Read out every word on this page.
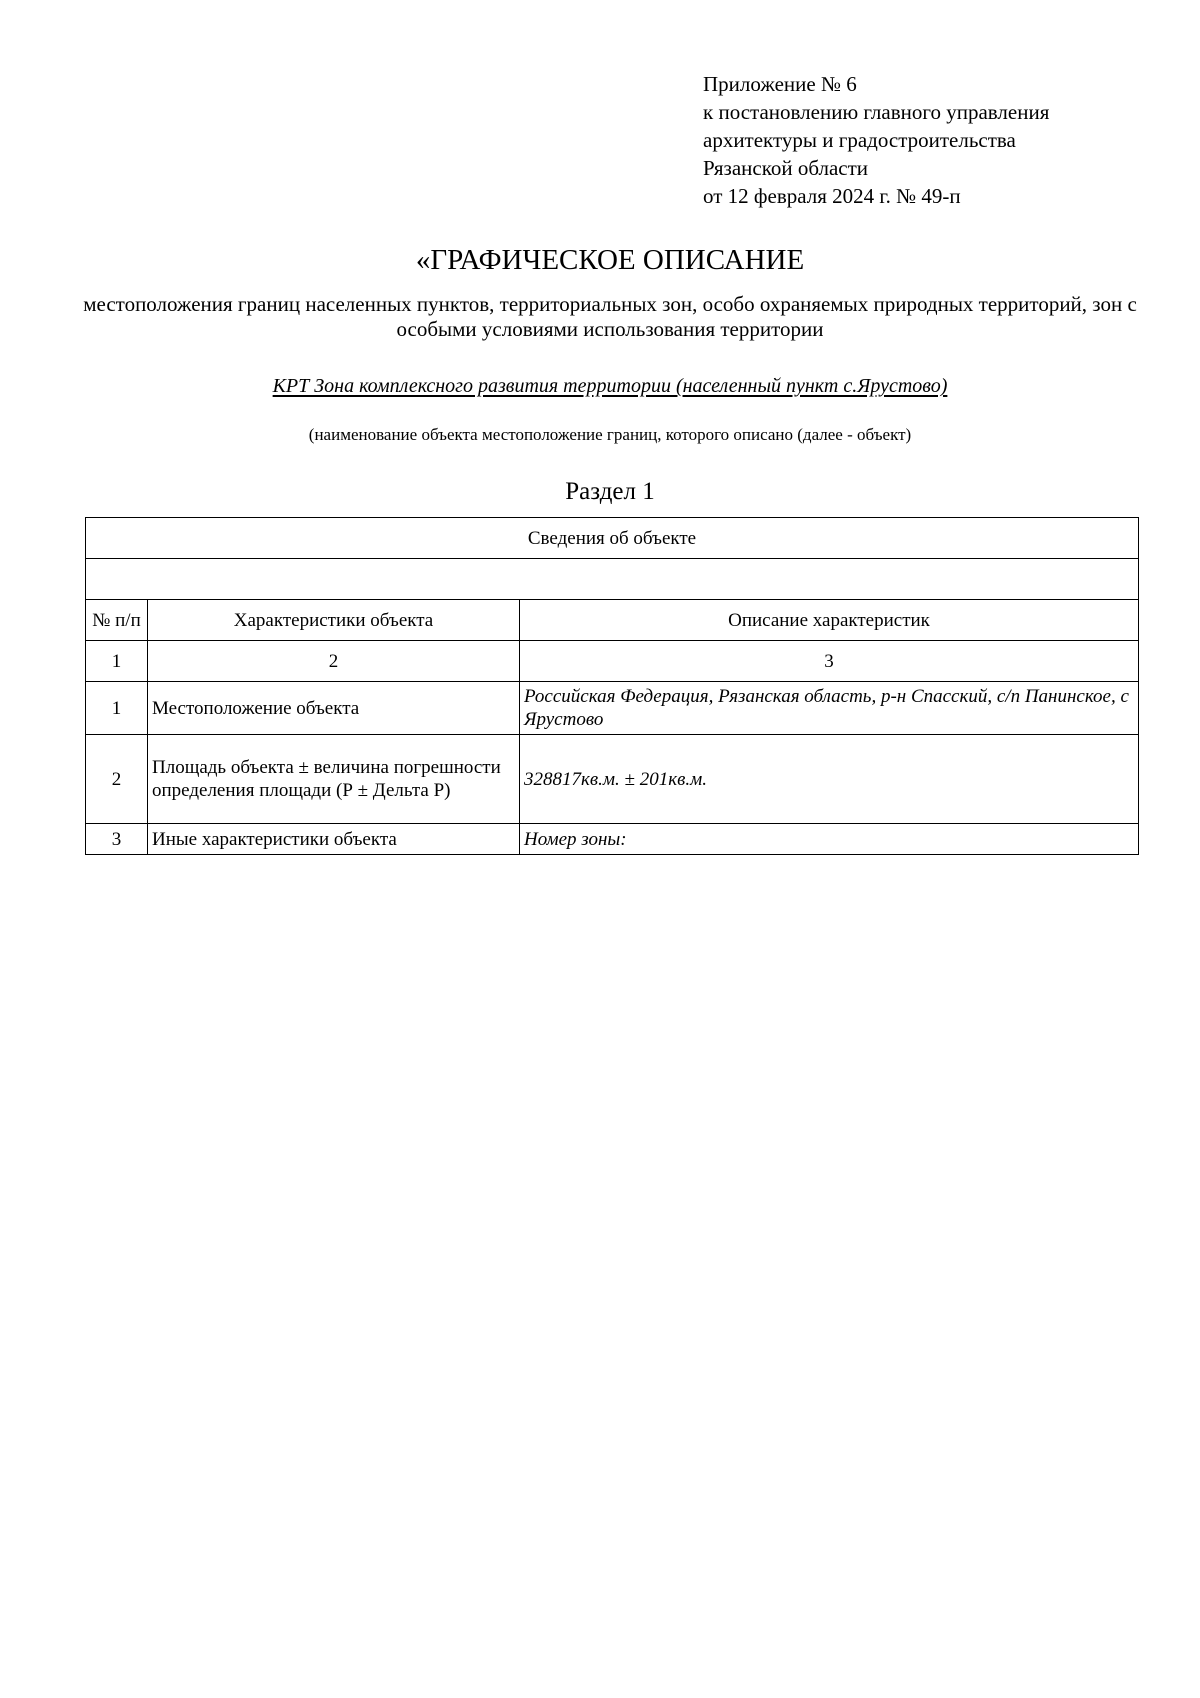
Приложение № 6
к постановлению главного управления
архитектуры и градостроительства
Рязанской области
от 12 февраля 2024 г. № 49-п
«ГРАФИЧЕСКОЕ ОПИСАНИЕ
местоположения границ населенных пунктов, территориальных зон, особо охраняемых природных территорий, зон с особыми условиями использования территории
КРТ Зона комплексного развития территории (населенный пункт с.Ярустово)
(наименование объекта местоположение границ, которого описано (далее - объект)
Раздел 1
Сведения об объекте		

№ п/п	Характеристики объекта	Описание характеристик
1	2	3
1	Местоположение объекта	Российская Федерация, Рязанская область, р-н Спасский, с/п Панинское, с Ярустово
2	Площадь объекта ± величина погрешности определения площади (Р ± Дельта Р)	328817кв.м. ± 201кв.м.
3	Иные характеристики объекта	Номер зоны:
